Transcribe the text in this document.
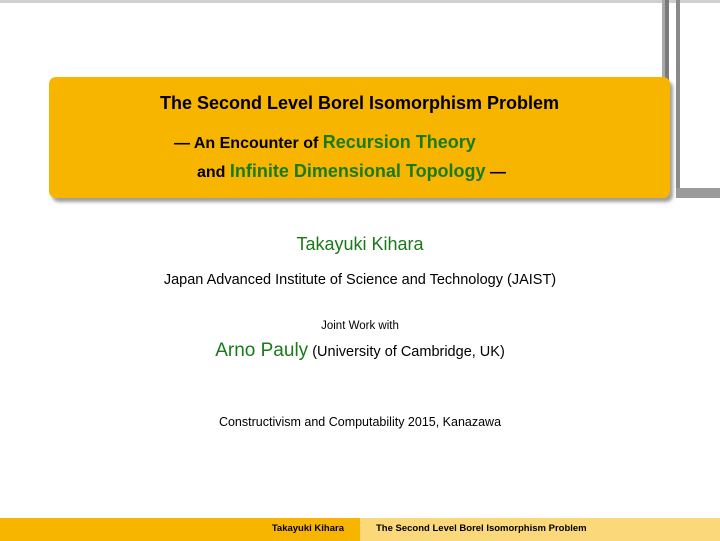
The Second Level Borel Isomorphism Problem
— An Encounter of Recursion Theory
and Infinite Dimensional Topology —
Takayuki Kihara
Japan Advanced Institute of Science and Technology (JAIST)
Joint Work with
Arno Pauly (University of Cambridge, UK)
Constructivism and Computability 2015, Kanazawa
Takayuki Kihara	The Second Level Borel Isomorphism Problem
